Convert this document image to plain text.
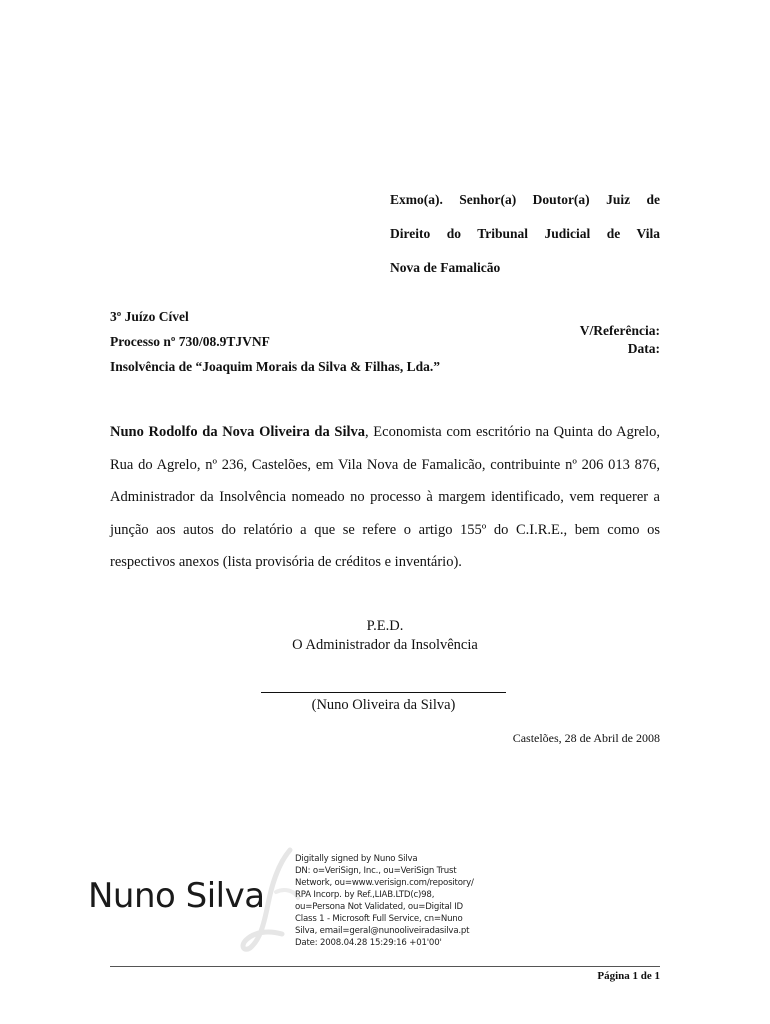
Exmo(a). Senhor(a) Doutor(a) Juiz de
Direito do Tribunal Judicial de Vila
Nova de Famalicão
3º Juízo Cível
Processo nº 730/08.9TJVNF
Insolvência de “Joaquim Morais da Silva & Filhas, Lda.”
V/Referência:
Data:
Nuno Rodolfo da Nova Oliveira da Silva, Economista com escritório na Quinta do Agrelo, Rua do Agrelo, nº 236, Castelões, em Vila Nova de Famalicão, contribuinte nº 206 013 876, Administrador da Insolvência nomeado no processo à margem identificado, vem requerer a junção aos autos do relatório a que se refere o artigo 155º do C.I.R.E., bem como os respectivos anexos (lista provisória de créditos e inventário).
P.E.D.
O Administrador da Insolvência
(Nuno Oliveira da Silva)
Castelões, 28 de Abril de 2008
Nuno Silva
Digitally signed by Nuno Silva
DN: o=VeriSign, Inc., ou=VeriSign Trust
Network, ou=www.verisign.com/repository/
RPA Incorp. by Ref.,LIAB.LTD(c)98,
ou=Persona Not Validated, ou=Digital ID
Class 1 - Microsoft Full Service, cn=Nuno
Silva, email=geral@nunooliveiradasilva.pt
Date: 2008.04.28 15:29:16 +01'00'
Página 1 de 1
